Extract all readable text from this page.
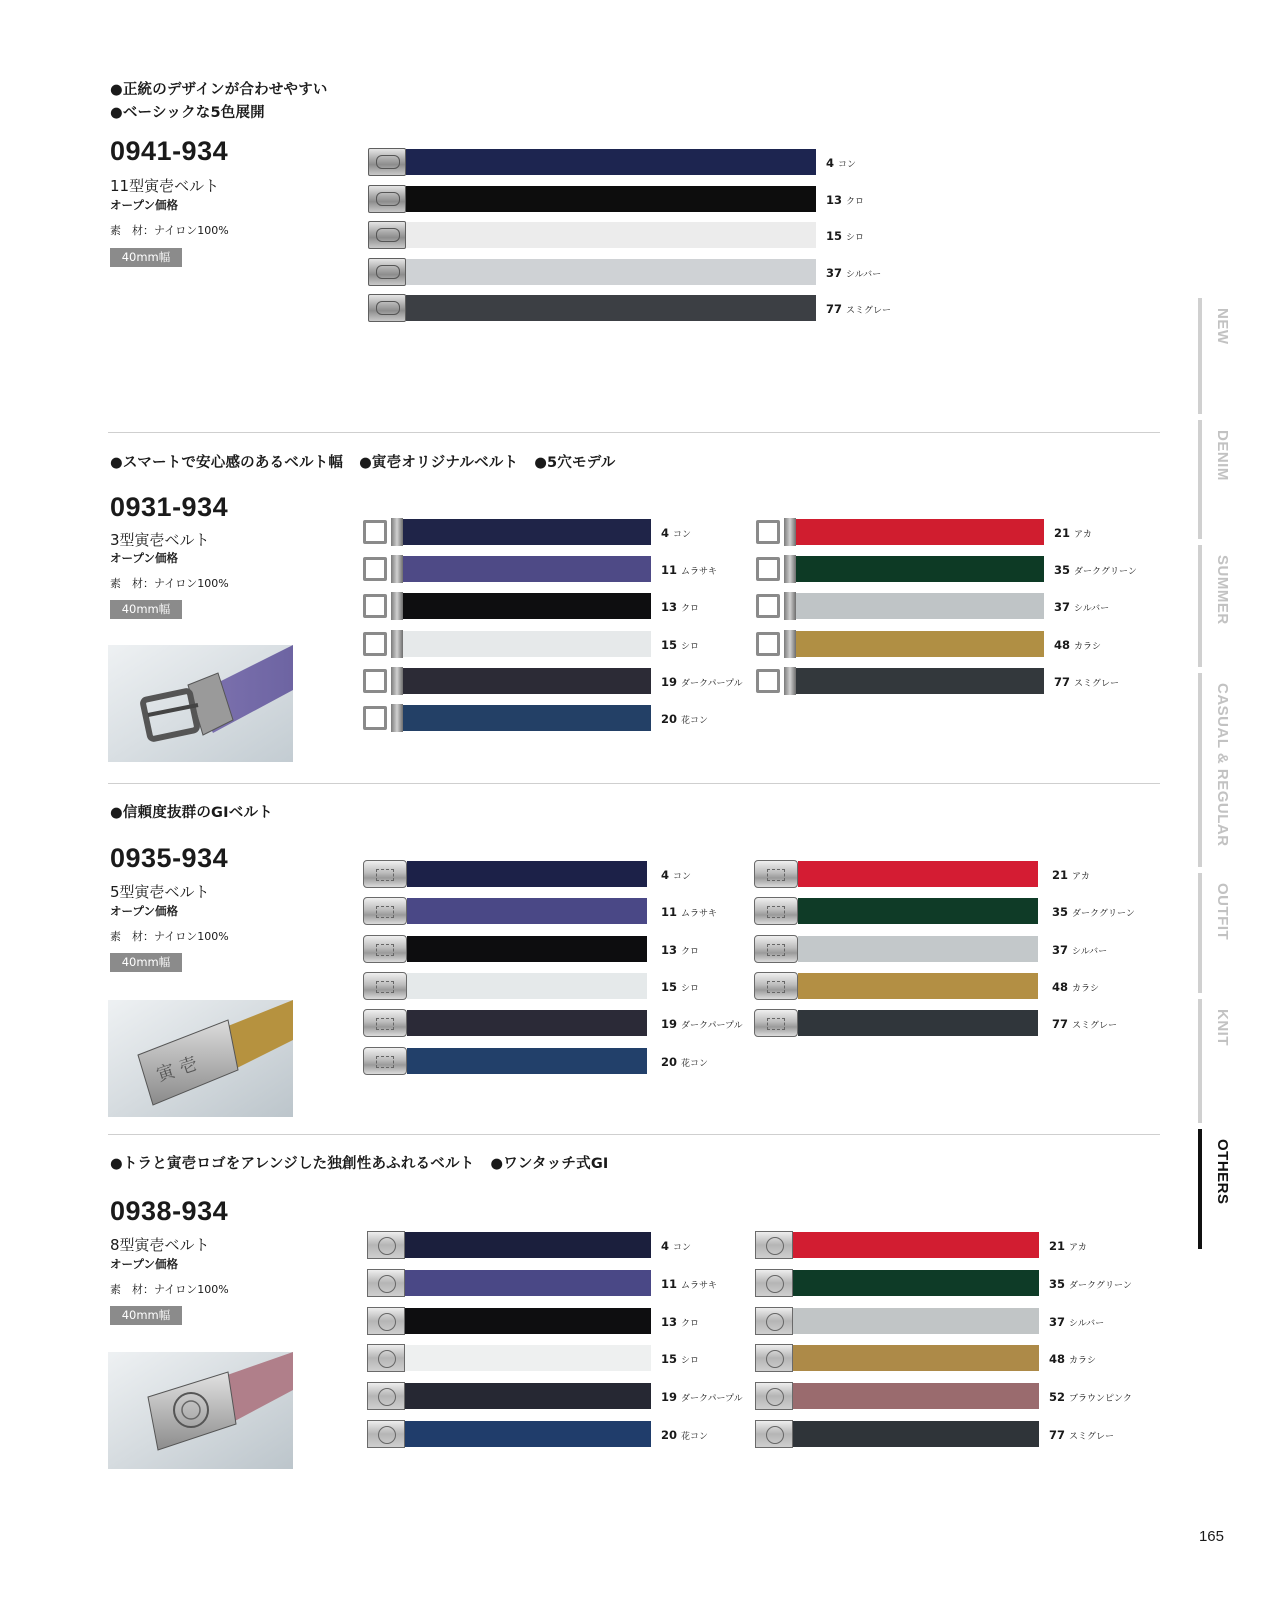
●正統のデザインが合わせやすい
●ベーシックな5色展開
0941-934
11型寅壱ベルト
オープン価格
素　材：ナイロン100%
40mm幅
●スマートで安心感のあるベルト幅 ●寅壱オリジナルベルト ●5穴モデル
0931-934
3型寅壱ベルト
オープン価格
素　材：ナイロン100%
40mm幅
●信頼度抜群のGIベルト
0935-934
5型寅壱ベルト
オープン価格
素　材：ナイロン100%
40mm幅
寅 壱
●トラと寅壱ロゴをアレンジした独創性あふれるベルト ●ワンタッチ式GI
0938-934
8型寅壱ベルト
オープン価格
素　材：ナイロン100%
40mm幅
NEW
DENIM
SUMMER
CASUAL & REGULAR
OUTFIT
KNIT
OTHERS
165
4 コン
13 クロ
15 シロ
37 シルバー
77 スミグレー
4 コン
11 ムラサキ
13 クロ
15 シロ
19 ダークパープル
20 花コン
21 アカ
35 ダークグリーン
37 シルバー
48 カラシ
77 スミグレー
4 コン
11 ムラサキ
13 クロ
15 シロ
19 ダークパープル
20 花コン
21 アカ
35 ダークグリーン
37 シルバー
48 カラシ
77 スミグレー
4 コン
11 ムラサキ
13 クロ
15 シロ
19 ダークパープル
20 花コン
21 アカ
35 ダークグリーン
37 シルバー
48 カラシ
52 ブラウンピンク
77 スミグレー
